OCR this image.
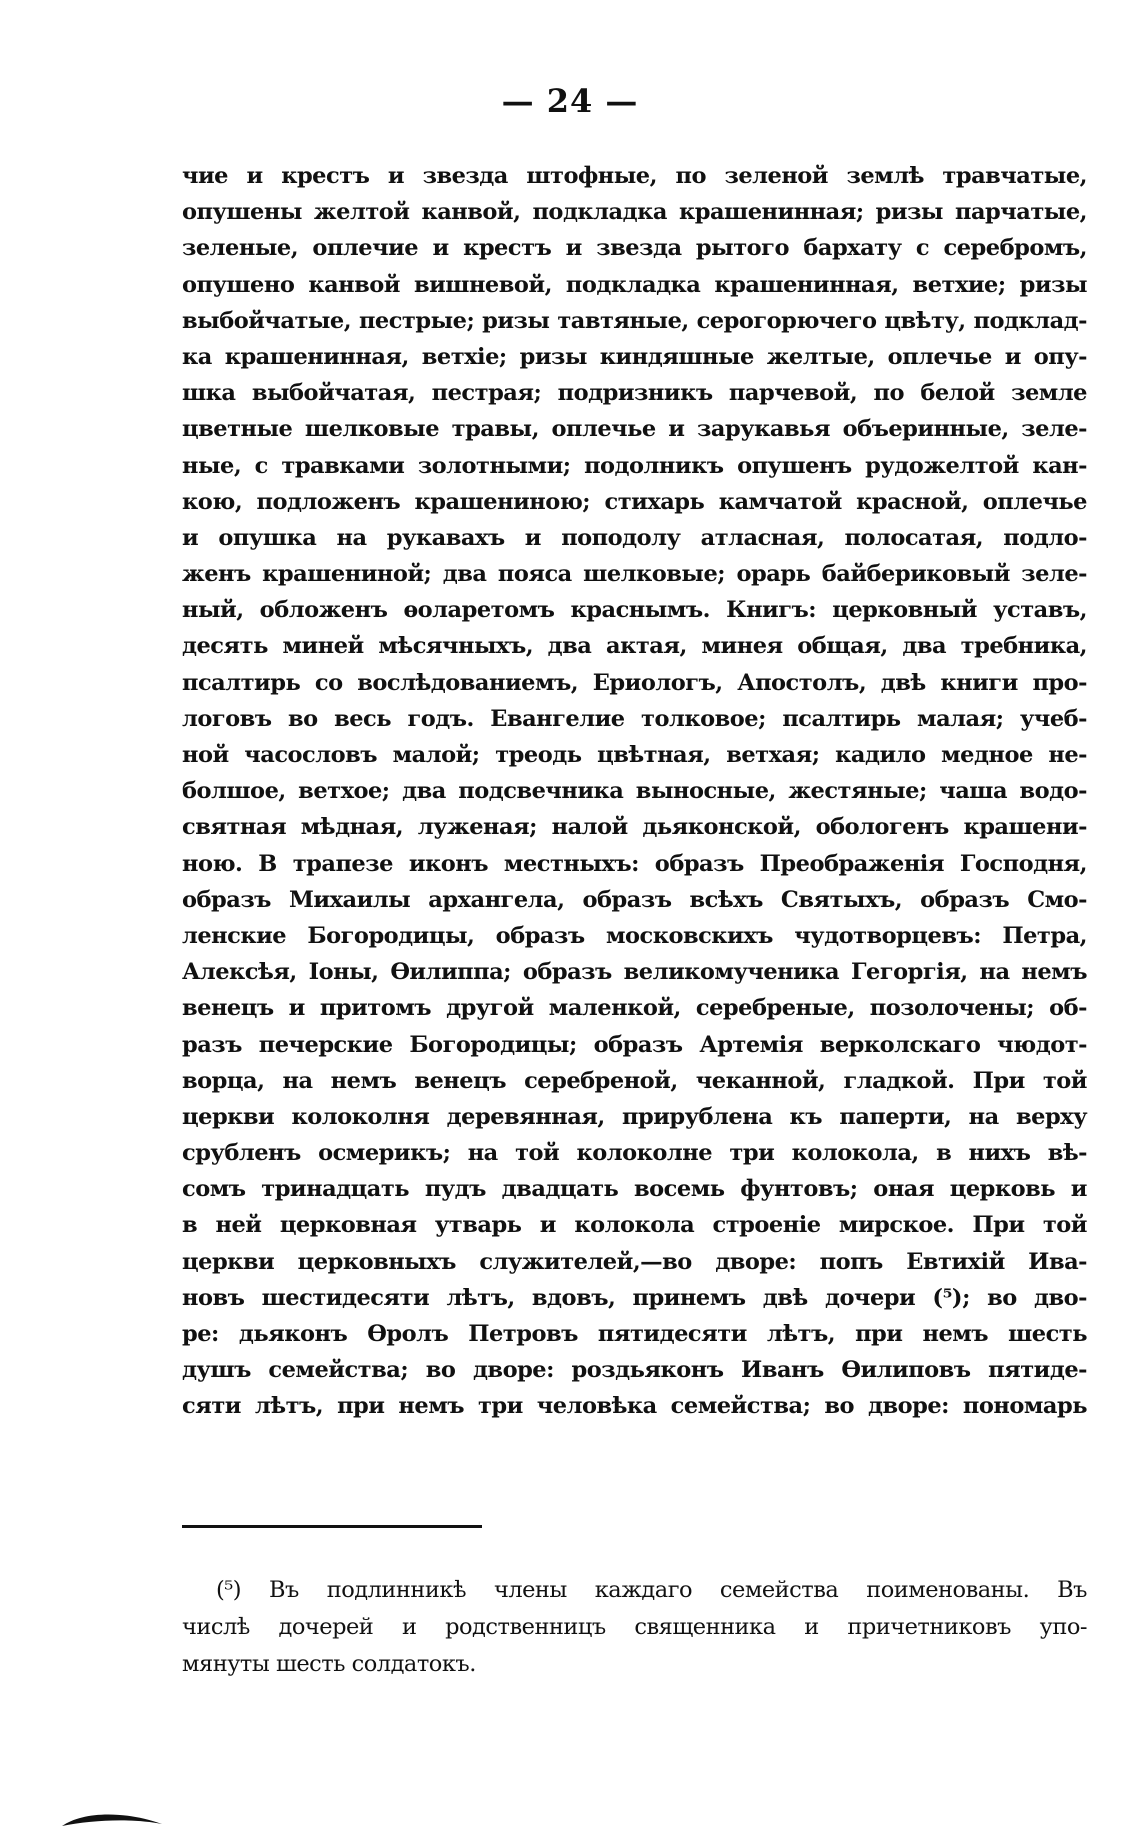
— 24 —
чие и крестъ и звезда штофные, по зеленой землѣ травчатые,
опушены желтой канвой, подкладка крашенинная; ризы парчатые,
зеленые, оплечие и крестъ и звезда рытого бархату с серебромъ,
опушено канвой вишневой, подкладка крашенинная, ветхие; ризы
выбойчатые, пестрые; ризы тавтяные, серогорючего цвѣту, подклад-
ка крашенинная, ветхіе; ризы киндяшные желтые, оплечье и опу-
шка выбойчатая, пестрая; подризникъ парчевой, по белой земле
цветные шелковые травы, оплечье и зарукавья объеринные, зеле-
ные, с травками золотными; подолникъ опушенъ рудожелтой кан-
кою, подложенъ крашениною; стихарь камчатой красной, оплечье
и опушка на рукавахъ и поподолу атласная, полосатая, подло-
женъ крашениной; два пояса шелковые; орарь байбериковый зеле-
ный, обложенъ ѳоларетомъ краснымъ. Книгъ: церковный уставъ,
десять миней мѣсячныхъ, два актая, минея общая, два требника,
псалтирь со вослѣдованиемъ, Ериологъ, Апостолъ, двѣ книги про-
логовъ во весь годъ. Евангелие толковое; псалтирь малая; учеб-
ной часословъ малой; треодь цвѣтная, ветхая; кадило медное не-
болшое, ветхое; два подсвечника выносные, жестяные; чаша водо-
святная мѣдная, луженая; налой дьяконской, обологенъ крашени-
ною. В трапезе иконъ местныхъ: образъ Преображенія Господня,
образъ Михаилы архангела, образъ всѣхъ Святыхъ, образъ Смо-
ленские Богородицы, образъ московскихъ чудотворцевъ: Петра,
Алексѣя, Іоны, Ѳилиппа; образъ великомученика Гегоргія, на немъ
венецъ и притомъ другой маленкой, серебреные, позолочены; об-
разъ печерские Богородицы; образъ Артемія верколскаго чюдот-
ворца, на немъ венецъ серебреной, чеканной, гладкой. При той
церкви колоколня деревянная, прирублена къ паперти, на верху
срубленъ осмерикъ; на той колоколне три колокола, в нихъ вѣ-
сомъ тринадцать пудъ двадцать восемь фунтовъ; оная церковь и
в ней церковная утварь и колокола строеніе мирское. При той
церкви церковныхъ служителей,—во дворе: попъ Евтихій Ива-
новъ шестидесяти лѣтъ, вдовъ, принемъ двѣ дочери (⁵); во дво-
ре: дьяконъ Ѳролъ Петровъ пятидесяти лѣтъ, при немъ шесть
душъ семейства; во дворе: роздьяконъ Иванъ Ѳилиповъ пятиде-
сяти лѣтъ, при немъ три человѣка семейства; во дворе: пономарь
(⁵) Въ подлинникѣ члены каждаго семейства поименованы. Въ
числѣ дочерей и родственницъ священника и причетниковъ упо-
мянуты шесть солдатокъ.
